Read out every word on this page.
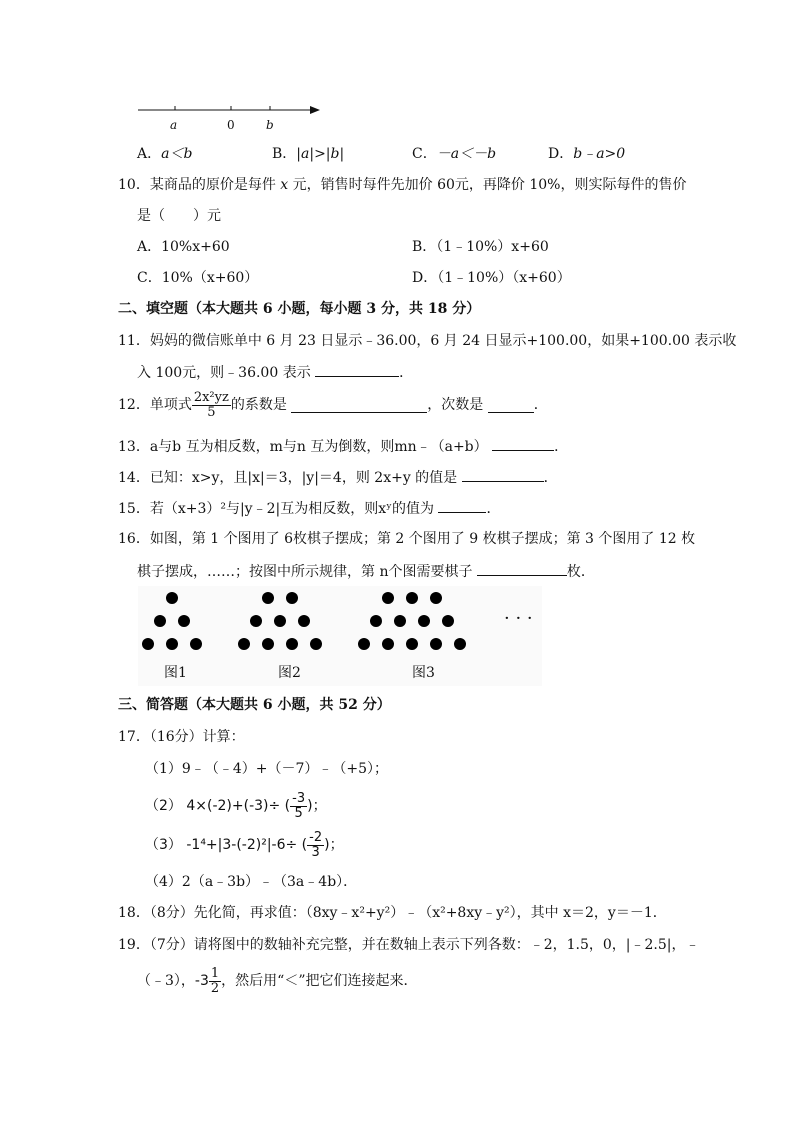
a	0	b
A．a＜b	B．|a|>|b|	C．－a＜－b	D．b﹣a>0
10．某商品的原价是每件 x 元，销售时每件先加价 60元，再降价 10%，则实际每件的售价
是（　　）元
A．10%x+60	B．（1﹣10%）x+60
C．10%（x+60）	D．（1﹣10%）（x+60）
二、填空题（本大题共 6 小题，每小题 3 分，共 18 分）
11．妈妈的微信账单中 6 月 23 日显示﹣36.00，6 月 24 日显示+100.00，如果+100.00 表示收
入 100元，则﹣36.00 表示	．
12．单项式 $\frac{\text{2x²yz}}{5}$ 的系数是	，次数是	．
13．a与b 互为相反数，m与n 互为倒数，则mn﹣（a+b）	．
14．已知：x>y，且|x|＝3，|y|＝4，则 2x+y 的值是	．
15．若（x+3）²与|y﹣2|互为相反数，则xʸ的值为	．
16．如图，第 1 个图用了 6枚棋子摆成；第 2 个图用了 9 枚棋子摆成；第 3 个图用了 12 枚
棋子摆成，……；按图中所示规律，第 n个图需要棋子	枚．
· · ·
图1	图2	图3
三、简答题（本大题共 6 小题，共 52 分）
17．（16分）计算：
（1）9﹣（﹣4）+（－7）﹣（+5）；
（2） 4×(-2)+(-3)÷ ( $\frac{-3}{5}$ )；
（3） -1⁴+|3-(-2)²|-6÷ ( $\frac{-2}{3}$ )；
（4）2（a﹣3b）﹣（3a﹣4b）．
18．（8分）先化简，再求值：（8xy﹣x²+y²）﹣（x²+8xy﹣y²），其中 x＝2，y＝－1．
19．（7分）请将图中的数轴补充完整，并在数轴上表示下列各数：﹣2，1.5，0，|﹣2.5|，﹣
（﹣3），$-3 \frac{1}{2}$ ，然后用“＜”把它们连接起来．
